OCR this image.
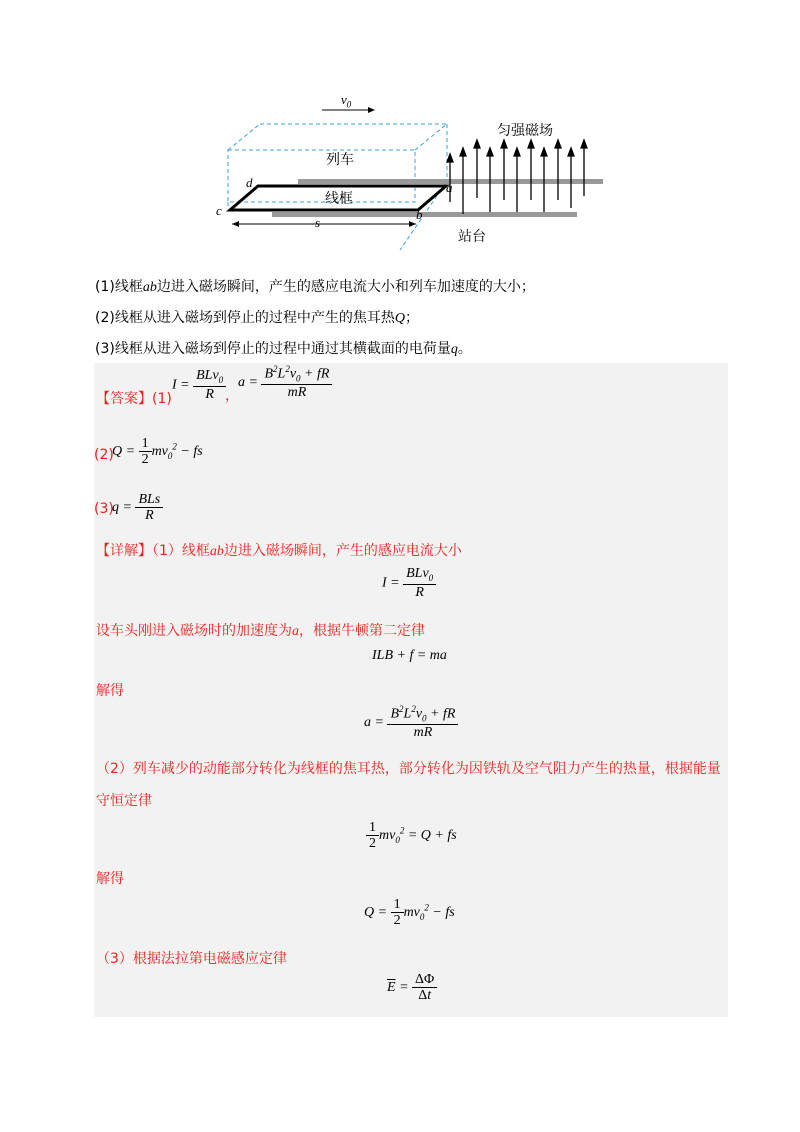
$v_0$
匀强磁场
列车
线框
站台
d
c
a
b
s
(1)线框ab边进入磁场瞬间，产生的感应电流大小和列车加速度的大小；
(2)线框从进入磁场到停止的过程中产生的焦耳热Q；
(3)线框从进入磁场到停止的过程中通过其横截面的电荷量q。
【答案】(1)
$I = \frac{BLv_0}{R}$
，
$a = \frac{B^2L^2v_0 + fR}{mR}$
(2)
$Q = \frac{1}{2} mv_0^2$ − fs
(3)
$q = \frac{\text{BLs}}{R}$
【详解】（1）线框ab边进入磁场瞬间，产生的感应电流大小
$I = \frac{BLv_0}{R}$
设车头刚进入磁场时的加速度为a，根据牛顿第二定律
ILB + f = ma
解得
$a = \frac{B^2L^2v_0 + fR}{mR}$
（2）列车减少的动能部分转化为线框的焦耳热，部分转化为因铁轨及空气阻力产生的热量，根据能量
守恒定律
$\frac{1}{2} mv_0^2 = Q$ + fs
解得
$Q = \frac{1}{2} mv_0^2$ − fs
（3）根据法拉第电磁感应定律
$\overline{E} = \frac{\Delta\Phi}{\Delta t}$
